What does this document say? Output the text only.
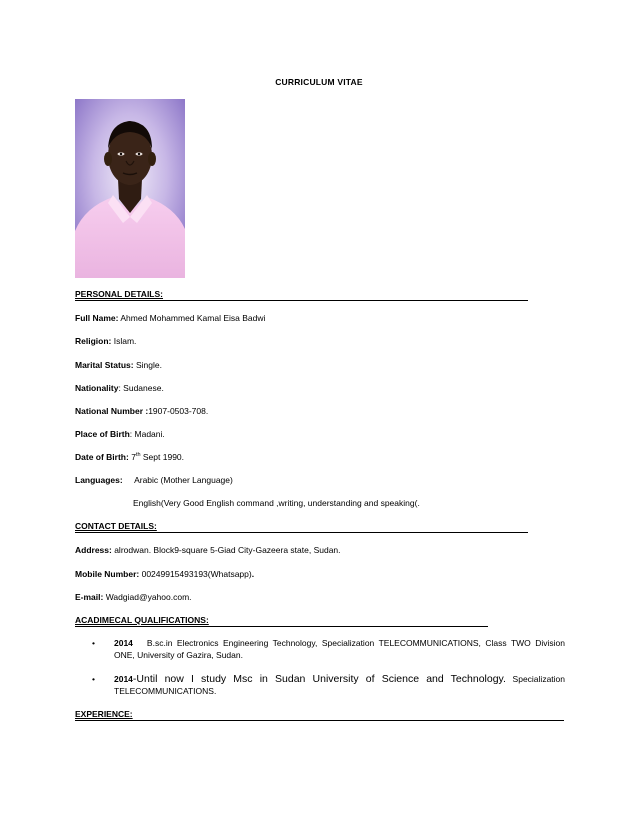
CURRICULUM VITAE
PERSONAL DETAILS:
Full Name: Ahmed Mohammed Kamal Eisa Badwi
Religion: Islam.
Marital Status: Single.
Nationality: Sudanese.
National Number :1907-0503-708.
Place of Birth: Madani.
Date of Birth: 7th Sept 1990.
Languages: Arabic (Mother Language)
English(Very Good English command ,writing, understanding and speaking(.
CONTACT DETAILS:
Address: alrodwan. Block9-square 5-Giad City-Gazeera state, Sudan.
Mobile Number: 00249915493193(Whatsapp).
E-mail: Wadgiad@yahoo.com.
ACADIMECAL QUALIFICATIONS:
• 2014 B.sc.in Electronics Engineering Technology, Specialization TELECOMMUNICATIONS, Class TWO Division ONE, University of Gazira, Sudan.
• 2014-Until now I study Msc in Sudan University of Science and Technology. Specialization TELECOMMUNICATIONS.
EXPERIENCE:
